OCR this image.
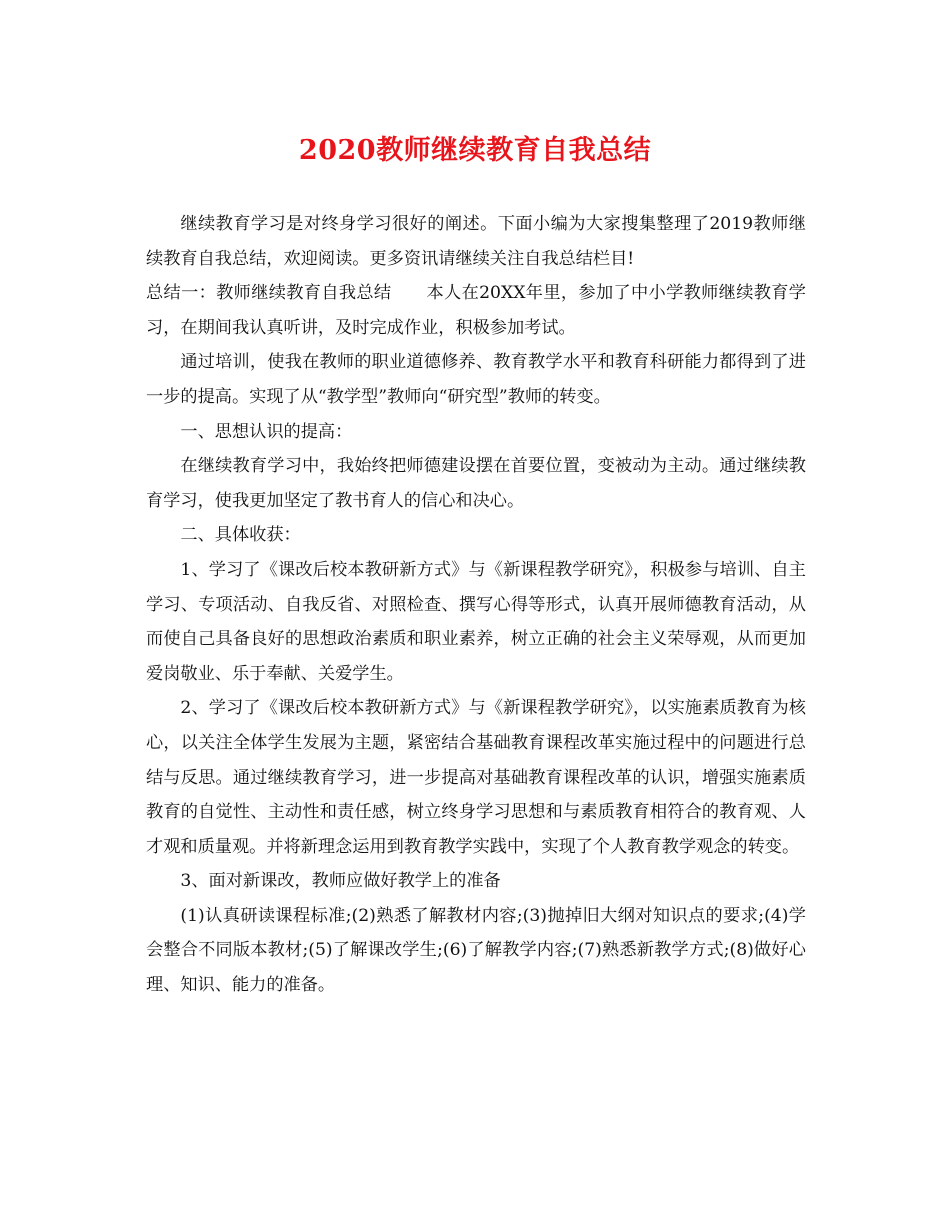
2020教师继续教育自我总结

继续教育学习是对终身学习很好的阐述。下面小编为大家搜集整理了2019教师继续教育自我总结，欢迎阅读。更多资讯请继续关注自我总结栏目!

总结一：教师继续教育自我总结　　本人在20XX年里，参加了中小学教师继续教育学习，在期间我认真听讲，及时完成作业，积极参加考试。

通过培训，使我在教师的职业道德修养、教育教学水平和教育科研能力都得到了进一步的提高。实现了从“教学型”教师向“研究型”教师的转变。

一、思想认识的提高：

在继续教育学习中，我始终把师德建设摆在首要位置，变被动为主动。通过继续教育学习，使我更加坚定了教书育人的信心和决心。

二、具体收获：

1、学习了《课改后校本教研新方式》与《新课程教学研究》，积极参与培训、自主学习、专项活动、自我反省、对照检查、撰写心得等形式，认真开展师德教育活动，从而使自己具备良好的思想政治素质和职业素养，树立正确的社会主义荣辱观，从而更加爱岗敬业、乐于奉献、关爱学生。

2、学习了《课改后校本教研新方式》与《新课程教学研究》，以实施素质教育为核心，以关注全体学生发展为主题，紧密结合基础教育课程改革实施过程中的问题进行总结与反思。通过继续教育学习，进一步提高对基础教育课程改革的认识，增强实施素质教育的自觉性、主动性和责任感，树立终身学习思想和与素质教育相符合的教育观、人才观和质量观。并将新理念运用到教育教学实践中，实现了个人教育教学观念的转变。

3、面对新课改，教师应做好教学上的准备

(1)认真研读课程标准;(2)熟悉了解教材内容;(3)抛掉旧大纲对知识点的要求;(4)学会整合不同版本教材;(5)了解课改学生;(6)了解教学内容;(7)熟悉新教学方式;(8)做好心理、知识、能力的准备。
